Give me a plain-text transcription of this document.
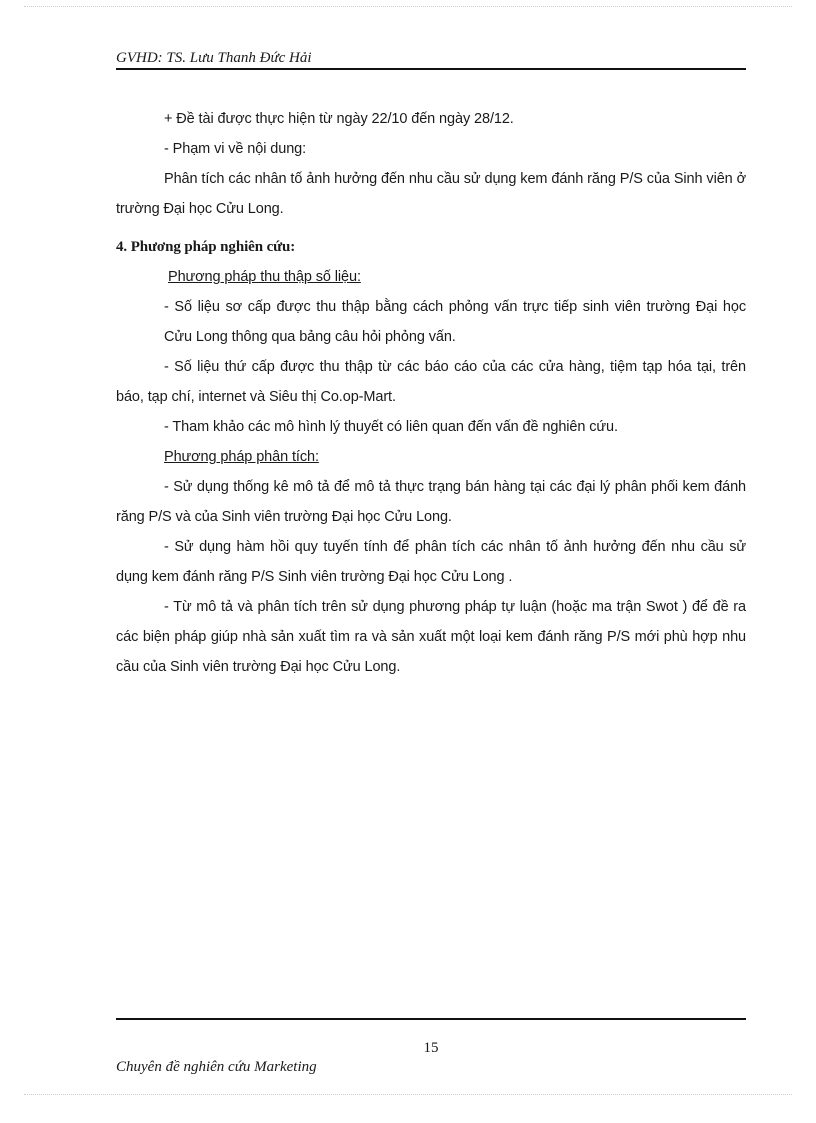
GVHD: TS. Lưu Thanh Đức Hải

+ Đề tài được thực hiện từ ngày 22/10 đến ngày 28/12.

- Phạm vi về nội dung:

Phân tích các nhân tố ảnh hưởng đến nhu cầu sử dụng kem đánh răng P/S của Sinh viên ở trường Đại học Cửu Long.

4. Phương pháp nghiên cứu:

Phương pháp thu thập số liệu:

- Số liệu sơ cấp được thu thập bằng cách phỏng vấn trực tiếp sinh viên trường Đại học Cửu Long thông qua bảng câu hỏi phỏng vấn.

- Số liệu thứ cấp được thu thập từ các báo cáo của các cửa hàng, tiệm tạp hóa tại, trên báo, tạp chí, internet và Siêu thị Co.op-Mart.

- Tham khảo các mô hình lý thuyết có liên quan đến vấn đề nghiên cứu.

Phương pháp phân tích:

- Sử dụng thống kê mô tả để mô tả thực trạng bán hàng tại các đại lý phân phối kem đánh răng P/S và của Sinh viên trường Đại học Cửu Long.

- Sử dụng hàm hồi quy tuyến tính để phân tích các nhân tố ảnh hưởng đến nhu cầu sử dụng kem đánh răng P/S Sinh viên trường Đại học Cửu Long .

- Từ mô tả và phân tích trên sử dụng phương pháp tự luận (hoặc ma trận Swot ) để đề ra các biện pháp giúp nhà sản xuất tìm ra và sản xuất một loại kem đánh răng P/S mới phù hợp nhu cầu của Sinh viên trường Đại học Cửu Long.

15
Chuyên đề nghiên cứu Marketing
